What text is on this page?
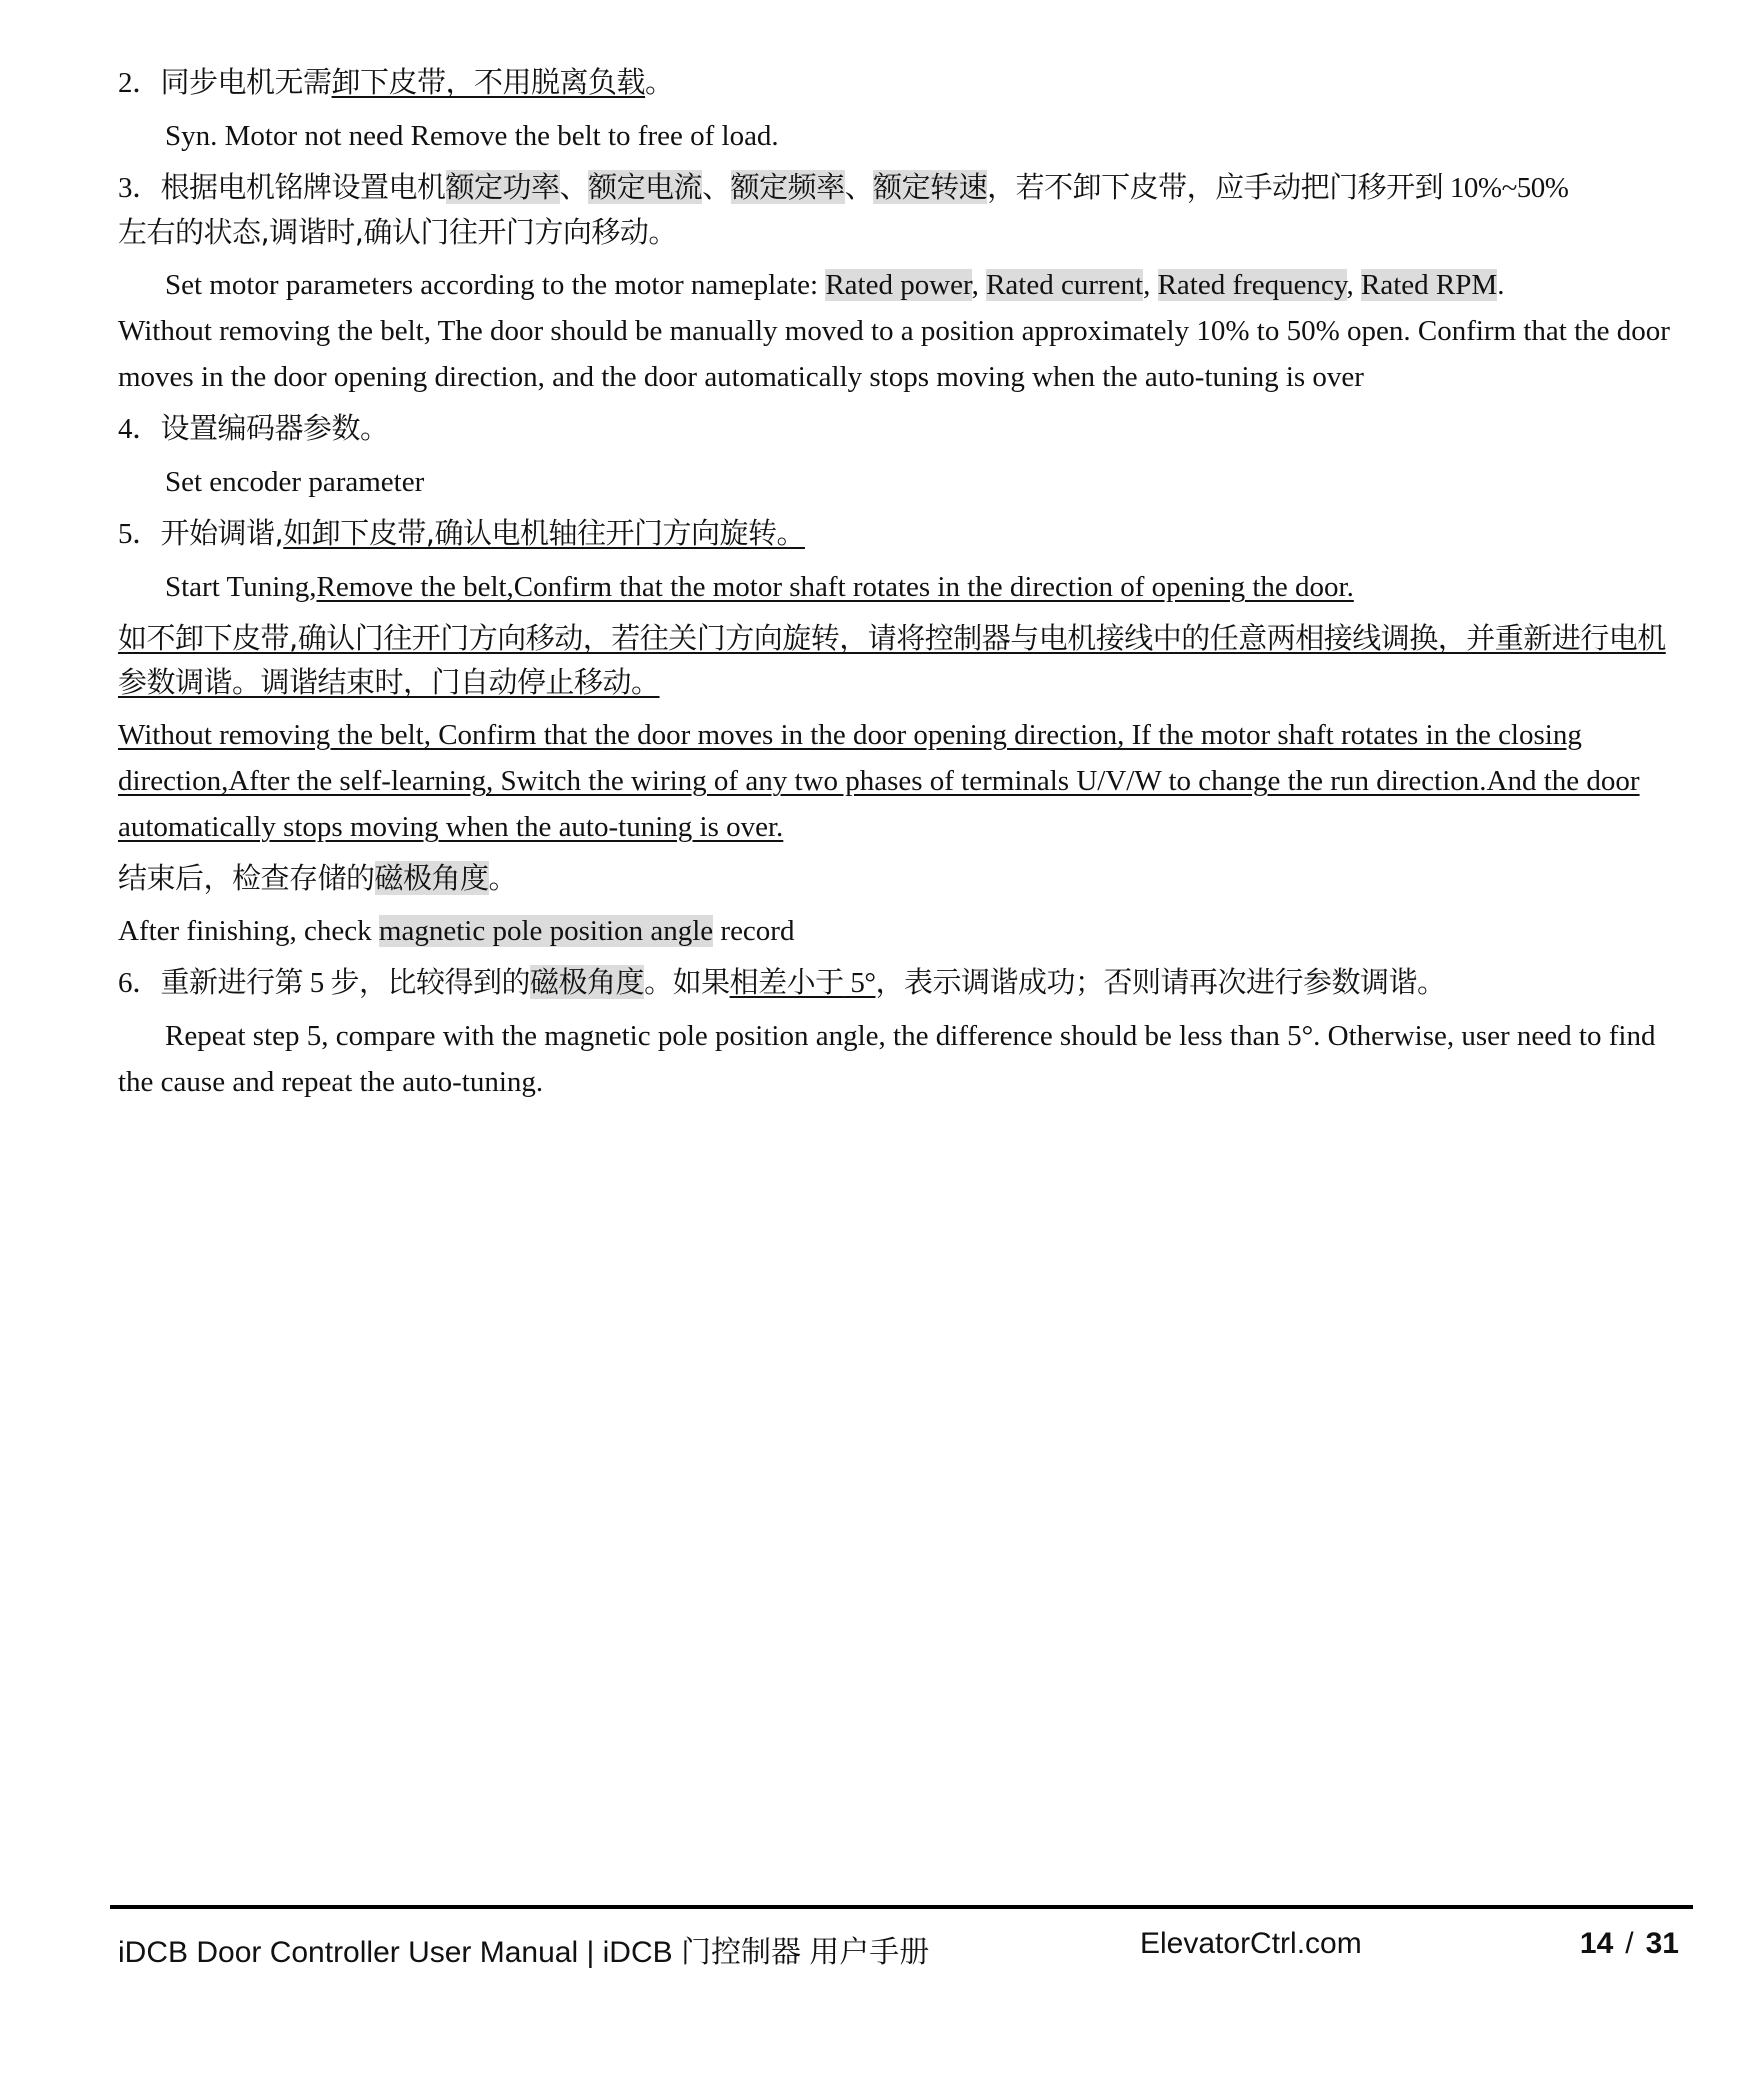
2．同步电机无需卸下皮带，不用脱离负载。

Syn. Motor not need Remove the belt to free of load.

3．根据电机铭牌设置电机额定功率、额定电流、额定频率、额定转速，若不卸下皮带，应手动把门移开到 10%~50%
左右的状态,调谐时,确认门往开门方向移动。

Set motor parameters according to the motor nameplate: Rated power, Rated current, Rated frequency, Rated RPM.
Without removing the belt, The door should be manually moved to a position approximately 10% to 50% open. Confirm that the door moves in the door opening direction, and the door automatically stops moving when the auto-tuning is over

4．设置编码器参数。

Set encoder parameter

5．开始调谐,如卸下皮带,确认电机轴往开门方向旋转。

Start Tuning,Remove the belt,Confirm that the motor shaft rotates in the direction of opening the door.

如不卸下皮带,确认门往开门方向移动，若往关门方向旋转，请将控制器与电机接线中的任意两相接线调换，并重新进行电机参数调谐。调谐结束时，门自动停止移动。

Without removing the belt, Confirm that the door moves in the door opening direction, If the motor shaft rotates in the closing direction,After the self-learning, Switch the wiring of any two phases of terminals U/V/W to change the run direction.And the door automatically stops moving when the auto-tuning is over.

结束后，检查存储的磁极角度。

After finishing, check magnetic pole position angle record

6．重新进行第 5 步，比较得到的磁极角度。如果相差小于 5°，表示调谐成功；否则请再次进行参数调谐。

Repeat step 5, compare with the magnetic pole position angle, the difference should be less than 5°. Otherwise, user need to find the cause and repeat the auto-tuning.

iDCB Door Controller User Manual | iDCB 门控制器 用户手册	ElevatorCtrl.com	14 / 31
